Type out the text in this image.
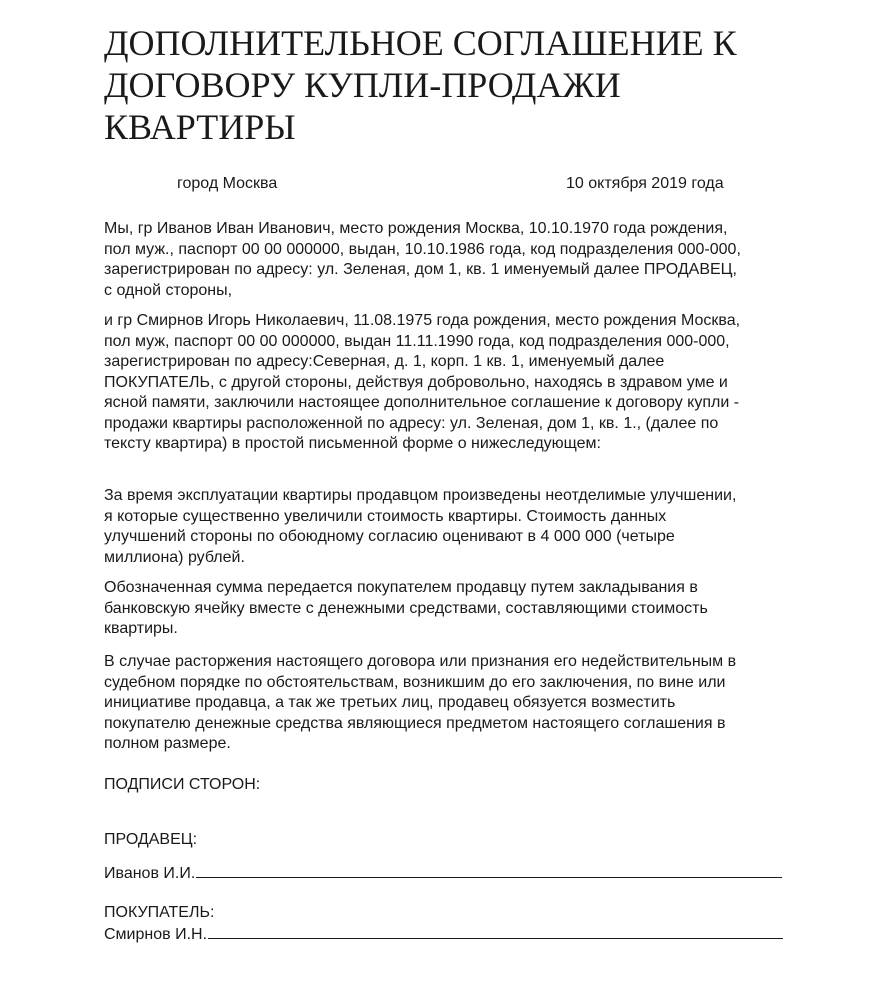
ДОПОЛНИТЕЛЬНОЕ СОГЛАШЕНИЕ К ДОГОВОРУ КУПЛИ-ПРОДАЖИ КВАРТИРЫ
город Москва	10 октября 2019 года

Мы, гр Иванов Иван Иванович, место рождения Москва, 10.10.1970 года рождения,
пол муж., паспорт 00 00 000000, выдан, 10.10.1986 года, код подразделения 000-000,
зарегистрирован по адресу: ул. Зеленая, дом 1, кв. 1 именуемый далее ПРОДАВЕЦ,
с одной стороны,

и гр Смирнов Игорь Николаевич, 11.08.1975 года рождения, место рождения Москва,
пол муж, паспорт 00 00 000000, выдан 11.11.1990 года, код подразделения 000-000,
зарегистрирован по адресу:Северная, д. 1, корп. 1 кв. 1, именуемый далее
ПОКУПАТЕЛЬ, с другой стороны, действуя добровольно, находясь в здравом уме и
ясной памяти, заключили настоящее дополнительное соглашение к договору купли -
продажи квартиры расположенной по адресу: ул. Зеленая, дом 1, кв. 1., (далее по
тексту квартира) в простой письменной форме о нижеследующем:

За время эксплуатации квартиры продавцом произведены неотделимые улучшении,
я которые существенно увеличили стоимость квартиры. Стоимость данных
улучшений стороны по обоюдному согласию оценивают в 4 000 000 (четыре
миллиона) рублей.

Обозначенная сумма передается покупателем продавцу путем закладывания в
банковскую ячейку вместе с денежными средствами, составляющими стоимость
квартиры.

В случае расторжения настоящего договора или признания его недействительным в
судебном порядке по обстоятельствам, возникшим до его заключения, по вине или
инициативе продавца, а так же третьих лиц, продавец обязуется возместить
покупателю денежные средства являющиеся предметом настоящего соглашения в
полном размере.

ПОДПИСИ СТОРОН:

ПРОДАВЕЦ:

Иванов И.И.

ПОКУПАТЕЛЬ:

Смирнов И.Н.
